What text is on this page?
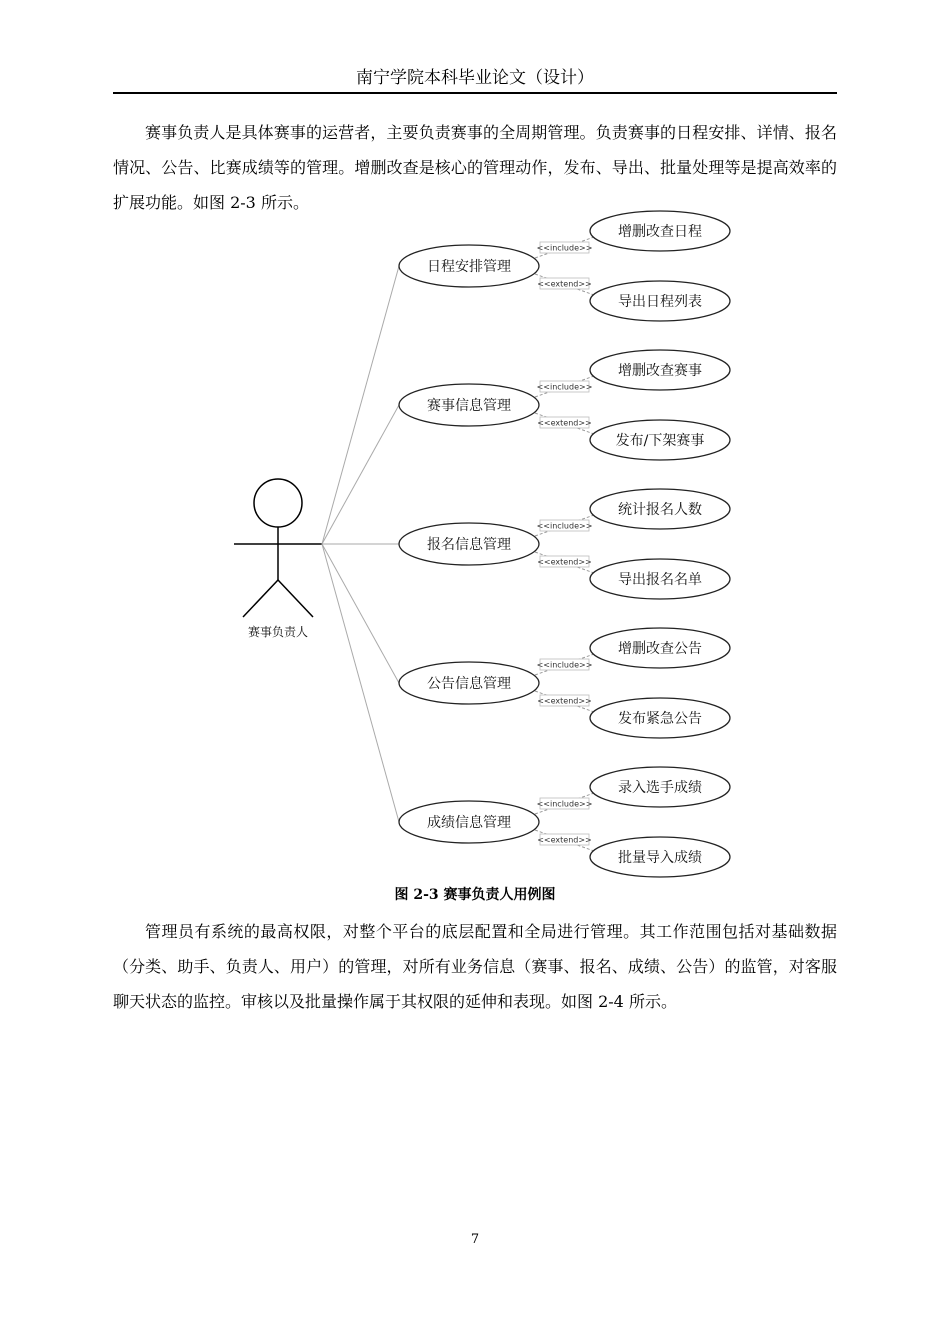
南宁学院本科毕业论文（设计）

赛事负责人是具体赛事的运营者，主要负责赛事的全周期管理。负责赛事的日程安排、详情、报名情况、公告、比赛成绩等的管理。增删改查是核心的管理动作，发布、导出、批量处理等是提高效率的扩展功能。如图 2-3 所示。

赛事负责人
<<include>>
<<extend>>
日程安排管理
增删改查日程
导出日程列表
<<include>>
<<extend>>
赛事信息管理
增删改查赛事
发布/下架赛事
<<include>>
<<extend>>
报名信息管理
统计报名人数
导出报名名单
<<include>>
<<extend>>
公告信息管理
增删改查公告
发布紧急公告
<<include>>
<<extend>>
成绩信息管理
录入选手成绩
批量导入成绩
图 2-3 赛事负责人用例图

管理员有系统的最高权限，对整个平台的底层配置和全局进行管理。其工作范围包括对基础数据（分类、助手、负责人、用户）的管理，对所有业务信息（赛事、报名、成绩、公告）的监管，对客服聊天状态的监控。审核以及批量操作属于其权限的延伸和表现。如图 2-4 所示。

7
